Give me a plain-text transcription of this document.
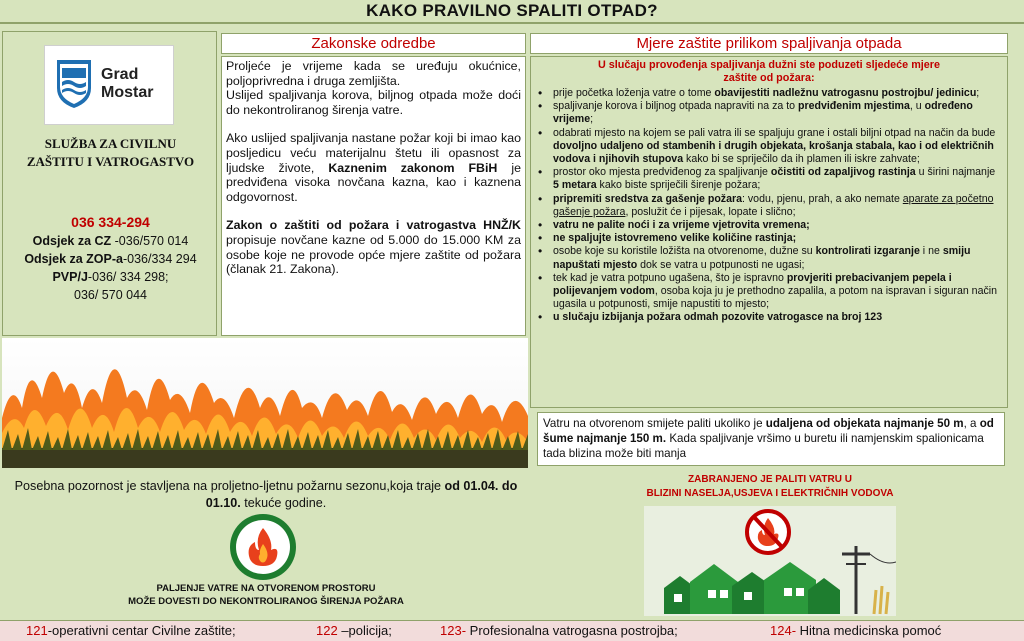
KAKO PRAVILNO SPALITI OTPAD?
Grad
Mostar
SLUŽBA ZA CIVILNU
ZAŠTITU I VATROGASTVO
036 334-294
Odsjek za CZ -036/570 014
Odsjek za ZOP-a-036/334 294
PVP/J-036/ 334 298;
036/ 570 044
Zakonske odredbe

Proljeće je vrijeme kada se uređuju okućnice, poljoprivredna i druga zemljišta.

Uslijed spaljivanja korova, biljnog otpada može doći do nekontroliranog širenja vatre.

Ako uslijed spaljivanja nastane požar koji bi imao kao posljedicu veću materijalnu štetu ili opasnost za ljudske živote, Kaznenim zakonom FBiH je predviđena visoka novčana kazna, kao i kaznena odgovornost.

Zakon o zaštiti od požara i vatrogastva HNŽ/K propisuje novčane kazne od 5.000 do 15.000 KM za osobe koje ne provode opće mjere zaštite od požara (članak 21. Zakona).

Mjere zaštite prilikom spaljivanja otpada
U slučaju provođenja spaljivanja dužni ste poduzeti sljedeće mjere zaštite od požara:
• prije početka loženja vatre o tome obavijestiti nadležnu vatrogasnu postrojbu/ jedinicu;
• spaljivanje korova i biljnog otpada napraviti na za to predviđenim mjestima, u određeno vrijeme;
• odabrati mjesto na kojem se pali vatra ili se spaljuju grane i ostali biljni otpad na način da bude dovoljno udaljeno od stambenih i drugih objekata, krošanja stabala, kao i od električnih vodova i njihovih stupova kako bi se spriječilo da ih plamen ili iskre zahvate;
• prostor oko mjesta predviđenog za spaljivanje očistiti od zapaljivog rastinja u širini najmanje 5 metara kako biste spriječili širenje požara;
• pripremiti sredstva za gašenje požara: vodu, pjenu, prah, a ako nemate aparate za početno gašenje požara, poslužit će i pijesak, lopate i slično;
• vatru ne palite noći i za vrijeme vjetrovita vremena;
• ne spaljujte istovremeno velike količine rastinja;
• osobe koje su koristile ložišta na otvorenome, dužne su kontrolirati izgaranje i ne smiju napuštati mjesto dok se vatra u potpunosti ne ugasi;
• tek kad je vatra potpuno ugašena, što je ispravno provjeriti prebacivanjem pepela i polijevanjem vodom, osoba koja ju je prethodno zapalila, a potom na ispravan i siguran način ugasila u potpunosti, smije napustiti to mjesto;
• u slučaju izbijanja požara odmah pozovite vatrogasce na broj 123
Vatru na otvorenom smijete paliti ukoliko je udaljena od objekata najmanje 50 m, a od šume najmanje 150 m. Kada spaljivanje vršimo u buretu ili namjenskim spalionicama tada blizina može biti manja
Posebna pozornost je stavljena na proljetno-ljetnu požarnu sezonu,koja traje od 01.04. do 01.10. tekuće godine.
PALJENJE VATRE NA OTVORENOM PROSTORU
MOŽE DOVESTI DO NEKONTROLIRANOG ŠIRENJA POŽARA
ZABRANJENO JE PALITI VATRU U
BLIZINI NASELJA,USJEVA I ELEKTRIČNIH VODOVA
121-operativni centar Civilne zaštite;	122 –policija;	123- Profesionalna vatrogasna postrojba;	124- Hitna medicinska pomoć
